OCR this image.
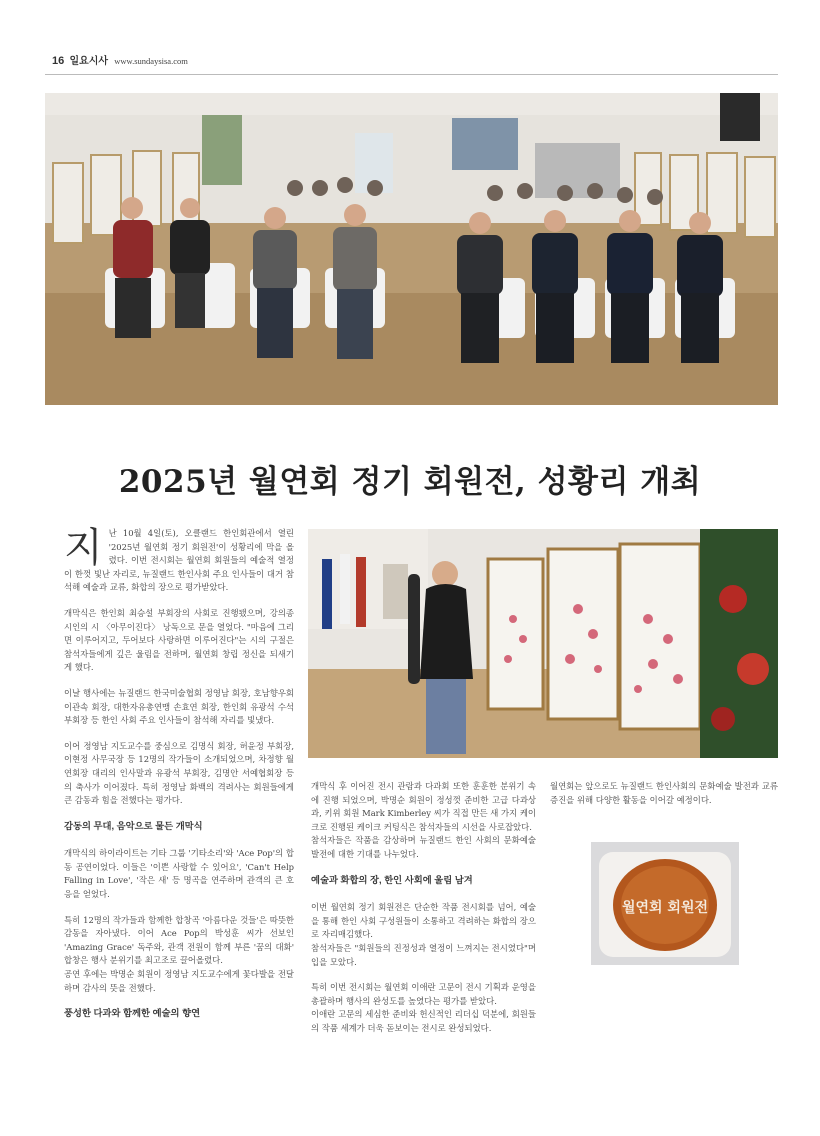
16 일요시사 www.sundaysisa.com
2025년 월연회 정기 회원전, 성황리 개최
월연회 회원전

지난 10월 4일(토), 오클랜드 한인회관에서 열린 '2025년 월연회 정기 회원전'이 성황리에 막을 올렸다. 이번 전시회는 월연회 회원들의 예술적 열정이 한껏 빛난 자리로, 뉴질랜드 한인사회 주요 인사들이 대거 참석해 예술과 교류, 화합의 장으로 평가받았다.

개막식은 한인회 최승설 부회장의 사회로 진행됐으며, 강의종 시인의 시 〈아무이진다〉 낭독으로 문을 열었다. "마음에 그리면 이루어지고, 두어보다 사랑하면 이루어진다"는 시의 구절은 참석자들에게 깊은 울림을 전하며, 월연회 창립 정신을 되새기게 했다.

이날 행사에는 뉴질랜드 한국미술협회 정영남 회장, 호남향우회 이관속 회장, 대한자유총연맹 손효연 회장, 한인회 유광석 수석부회장 등 한인 사회 주요 인사들이 참석해 자리를 빛냈다.

이어 정영남 지도교수를 중심으로 김명식 회장, 허윤정 부회장, 이현정 사무국장 등 12명의 작가들이 소개되었으며, 차정향 월연회장 대리의 인사말과 유광석 부회장, 김명안 서예협회장 등의 축사가 이어졌다. 특히 정영남 화백의 격려사는 회원들에게 큰 감동과 힘을 전했다는 평가다.

감동의 무대, 음악으로 물든 개막식

개막식의 하이라이트는 기타 그룹 '기타소리'와 'Ace Pop'의 합동 공연이었다. 이들은 '이쁜 사랑할 수 있어요', 'Can't Help Falling in Love', '작은 새' 등 명곡을 연주하며 관객의 큰 호응을 얻었다.

특히 12명의 작가들과 함께한 합창곡 '아름다운 것들'은 따뜻한 감동을 자아냈다. 이어 Ace Pop의 박성훈 씨가 선보인 'Amazing Grace' 독주와, 관객 전원이 함께 부른 '꿈의 대화' 합창은 행사 분위기를 최고조로 끌어올렸다.

공연 후에는 박명순 회원이 정영남 지도교수에게 꽃다발을 전달하며 감사의 뜻을 전했다.

풍성한 다과와 함께한 예술의 향연

개막식 후 이어진 전시 관람과 다과회 또한 훈훈한 분위기 속에 진행 되었으며, 박명순 회원이 정성껏 준비한 고급 다과상과, 키위 회원 Mark Kimberley 씨가 직접 만든 새 가지 케이크로 진행된 케이크 커팅식은 참석자들의 시선을 사로잡았다.

참석자들은 작품을 감상하며 뉴질랜드 한인 사회의 문화예술 발전에 대한 기대를 나누었다.

예술과 화합의 장, 한인 사회에 울림 남겨

이번 월연회 정기 회원전은 단순한 작품 전시회를 넘어, 예술을 통해 한인 사회 구성원들이 소통하고 격려하는 화합의 장으로 자리매김했다.

참석자들은 "회원들의 진정성과 열정이 느껴지는 전시였다"며 입을 모았다.

특히 이번 전시회는 월연회 이애란 고문이 전시 기획과 운영을 총괄하며 행사의 완성도를 높였다는 평가를 받았다.

이애란 고문의 세심한 준비와 헌신적인 리더십 덕분에, 회원들의 작품 세계가 더욱 돋보이는 전시로 완성되었다.

월연회는 앞으로도 뉴질랜드 한인사회의 문화예술 발전과 교류 증진을 위해 다양한 활동을 이어갈 예정이다.
